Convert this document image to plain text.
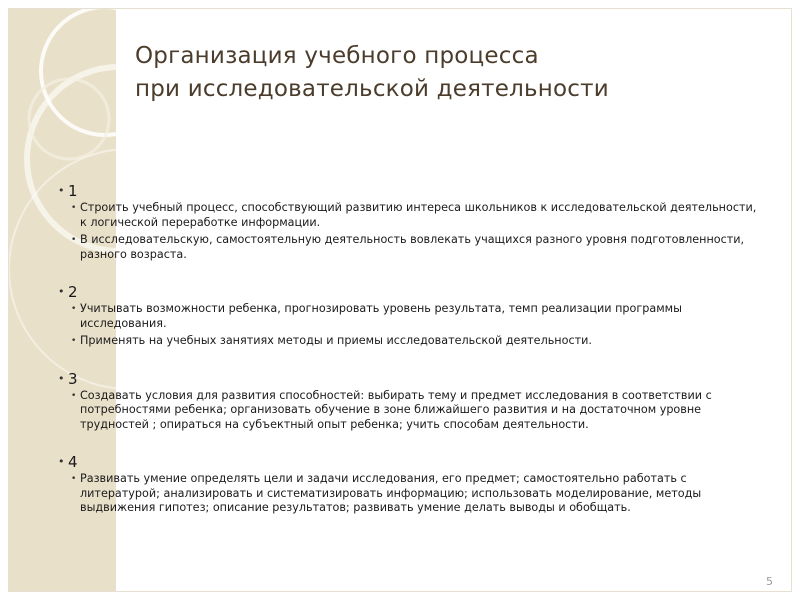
Организация учебного процесса
при исследовательской деятельности
• 1
• Строить учебный процесс, способствующий развитию интереса школьников к исследовательской деятельности, к логической переработке информации.
• В исследовательскую, самостоятельную деятельность вовлекать учащихся разного уровня подготовленности, разного возраста.
• 2
• Учитывать возможности ребенка, прогнозировать уровень результата, темп реализации программы исследования.
• Применять на учебных занятиях методы и приемы исследовательской деятельности.
• 3
• Создавать условия для развития способностей: выбирать тему и предмет исследования в соответствии с потребностями ребенка; организовать обучение в зоне ближайшего развития и на достаточном уровне трудностей ; опираться на субъектный опыт ребенка; учить способам деятельности.
• 4
• Развивать умение определять цели и задачи исследования, его предмет; самостоятельно работать с литературой; анализировать и систематизировать информацию; использовать моделирование, методы выдвижения гипотез; описание результатов; развивать умение делать выводы и обобщать.
5
